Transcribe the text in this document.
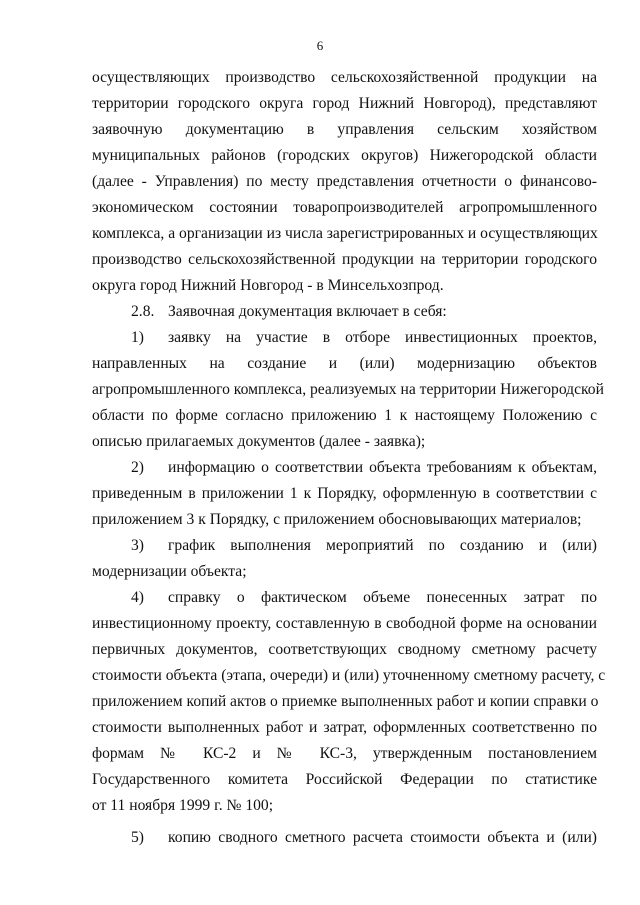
6
осуществляющих производство сельскохозяйственной продукции на
территории городского округа город Нижний Новгород), представляют
заявочную документацию в управления сельским хозяйством
муниципальных районов (городских округов) Нижегородской области
(далее - Управления) по месту представления отчетности о финансово-
экономическом состоянии товаропроизводителей агропромышленного
комплекса, а организации из числа зарегистрированных и осуществляющих
производство сельскохозяйственной продукции на территории городского
округа город Нижний Новгород - в Минсельхозпрод.
2.8. Заявочная документация включает в себя:
1) заявку на участие в отборе инвестиционных проектов,
направленных на создание и (или) модернизацию объектов
агропромышленного комплекса, реализуемых на территории Нижегородской
области по форме согласно приложению 1 к настоящему Положению с
описью прилагаемых документов (далее - заявка);
2) информацию о соответствии объекта требованиям к объектам,
приведенным в приложении 1 к Порядку, оформленную в соответствии с
приложением 3 к Порядку, с приложением обосновывающих материалов;
3) график выполнения мероприятий по созданию и (или)
модернизации объекта;
4) справку о фактическом объеме понесенных затрат по
инвестиционному проекту, составленную в свободной форме на основании
первичных документов, соответствующих сводному сметному расчету
стоимости объекта (этапа, очереди) и (или) уточненному сметному расчету, с
приложением копий актов о приемке выполненных работ и копии справки о
стоимости выполненных работ и затрат, оформленных соответственно по
формам № КС-2 и № КС-3, утвержденным постановлением
Государственного комитета Российской Федерации по статистике
от 11 ноября 1999 г. № 100;
5) копию сводного сметного расчета стоимости объекта и (или)
